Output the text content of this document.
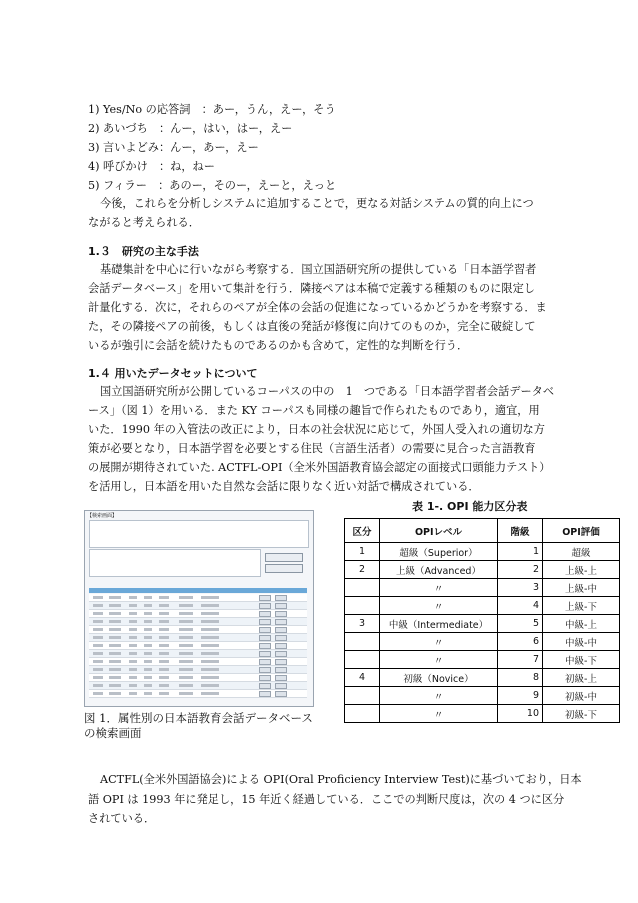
1) Yes/No の応答詞　：あー，うん，えー，そう
2) あいづち　：んー，はい，はー，えー
3) 言いよどみ：んー，あー，えー
4) 呼びかけ　：ね，ねー
5) フィラー　：あのー，そのー，えーと，えっと
今後，これらを分析しシステムに追加することで，更なる対話システムの質的向上につ
ながると考えられる．
1.３　研究の主な手法
基礎集計を中心に行いながら考察する．国立国語研究所の提供している「日本語学習者
会話データベース」を用いて集計を行う．隣接ペアは本稿で定義する種類のものに限定し
計量化する．次に，それらのペアが全体の会話の促進になっているかどうかを考察する．ま
た，その隣接ペアの前後，もしくは直後の発話が修復に向けてのものか，完全に破綻して
いるが強引に会話を続けたものであるのかも含めて，定性的な判断を行う．
1.４ 用いたデータセットについて
国立国語研究所が公開しているコーパスの中の　1　つである「日本語学習者会話データベ
ース」（図 1）を用いる．また KY コーパスも同様の趣旨で作られたものであり，適宜，用
いた．1990 年の入管法の改正により，日本の社会状況に応じて，外国人受入れの適切な方
策が必要となり，日本語学習を必要とする住民（言語生活者）の需要に見合った言語教育
の展開が期待されていた. ACTFL-OPI（全米外国語教育協会認定の面接式口頭能力テスト）
を活用し，日本語を用いた自然な会話に限りなく近い対話で構成されている．
【検索画面】
図 1．属性別の日本語教育会話データベース
の検索画面
表 1-. OPI 能力区分表
区分	OPIレベル	階級	OPI評価
1	超級（Superior）	1	超級
2	上級（Advanced）	2	上級-上
	〃	3	上級-中
	〃	4	上級-下
3	中級（Intermediate）	5	中級-上
	〃	6	中級-中
	〃	7	中級-下
4	初級（Novice）	8	初級-上
	〃	9	初級-中
	〃	10	初級-下
ACTFL(全米外国語協会)による OPI(Oral Proficiency Interview Test)に基づいており，日本
語 OPI は 1993 年に発足し，15 年近く経過している．ここでの判断尺度は，次の 4 つに区分
されている．
